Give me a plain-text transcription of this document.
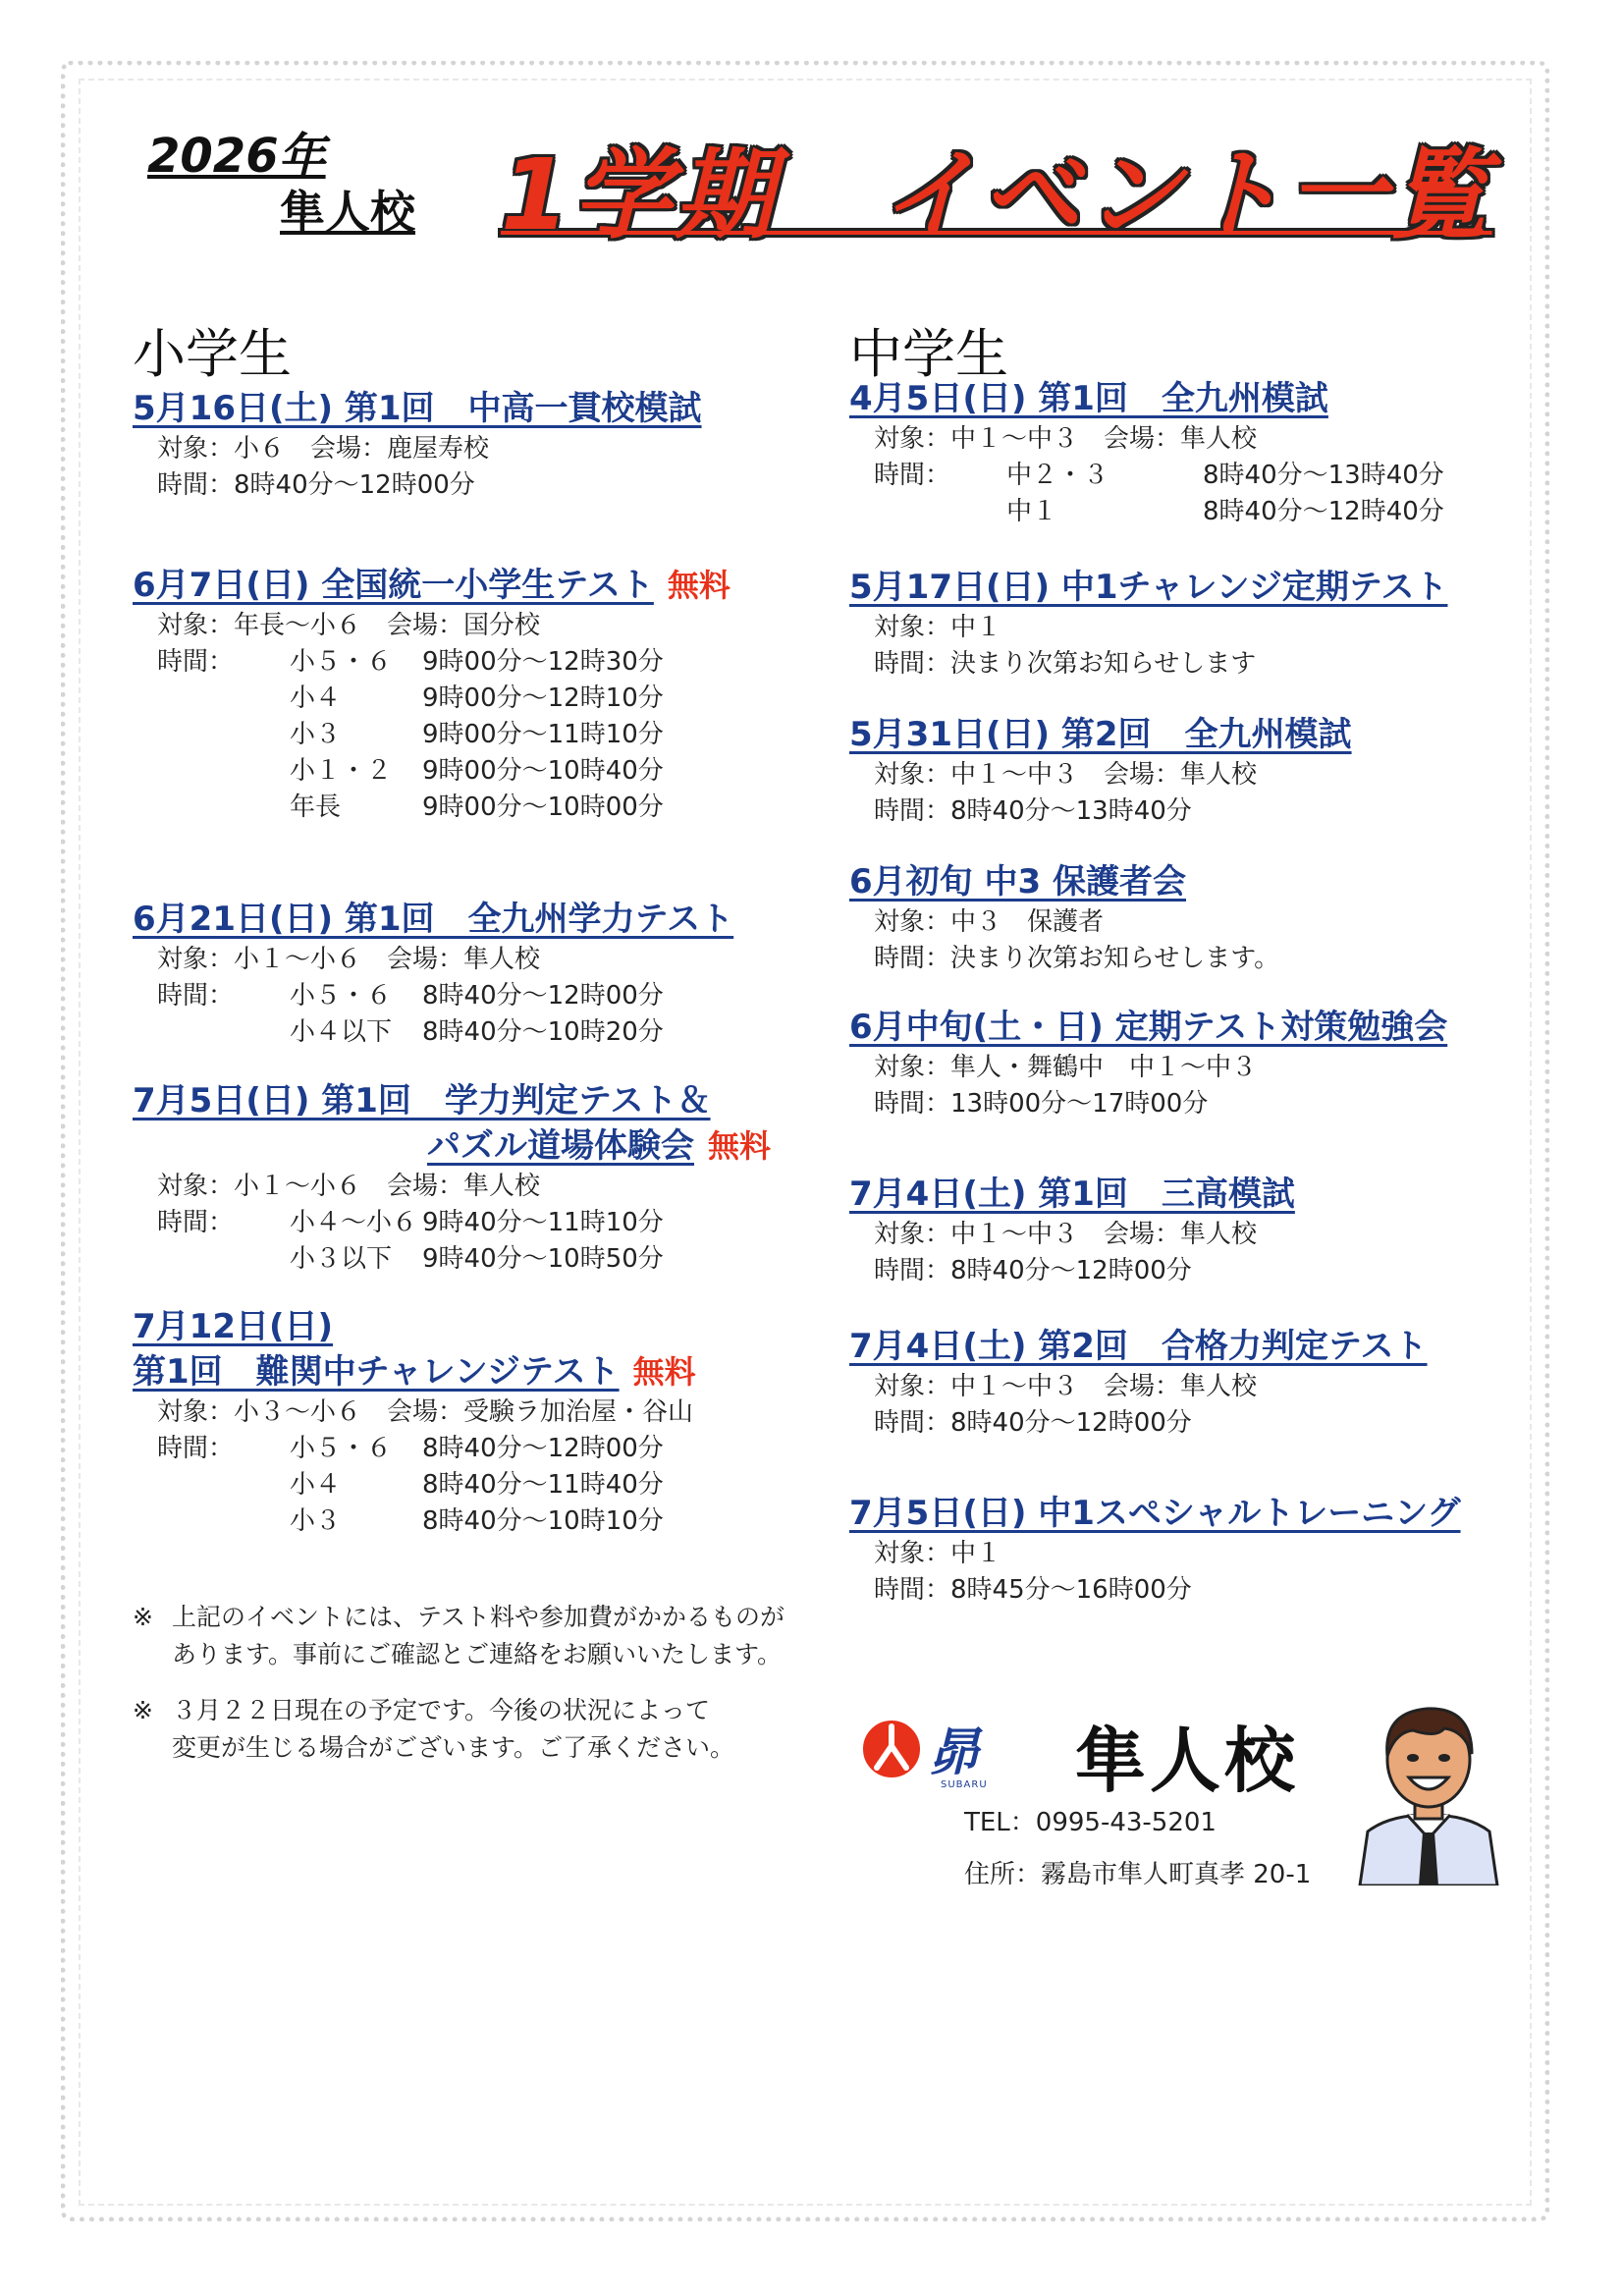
2026年
隼人校 1学期　イベント一覧
小学生
5月16日(土) 第1回　中高一貫校模試
対象：小６　会場：鹿屋寿校
時間：8時40分～12時00分
6月7日(日) 全国統一小学生テスト 無料
対象：年長～小６　会場：国分校
時間：	小５・６	9時00分～12時30分
小４	9時00分～12時10分
小３	9時00分～11時10分
小１・２	9時00分～10時40分
年長	9時00分～10時00分
6月21日(日) 第1回　全九州学力テスト
対象：小１～小６　会場：隼人校
時間：	小５・６	8時40分～12時00分
小４以下	8時40分～10時20分
7月5日(日) 第1回　学力判定テスト＆
パズル道場体験会 無料
対象：小１～小６　会場：隼人校
時間：	小４～小６ 9時40分～11時10分
小３以下	9時40分～10時50分
7月12日(日)
第1回　難関中チャレンジテスト 無料
対象：小３～小６　会場：受験ラ加治屋・谷山
時間：	小５・６	8時40分～12時00分
小４	8時40分～11時40分
小３	8時40分～10時10分
※ 上記のイベントには、テスト料や参加費がかかるものが
あります。事前にご確認とご連絡をお願いいたします。
※ ３月２２日現在の予定です。今後の状況によって
変更が生じる場合がございます。ご了承ください。
中学生
4月5日(日) 第1回　全九州模試
対象：中１～中３　会場：隼人校
時間：	中２・３	8時40分～13時40分
中１	8時40分～12時40分
5月17日(日) 中1チャレンジ定期テスト
対象：中１
時間：決まり次第お知らせします
5月31日(日) 第2回　全九州模試
対象：中１～中３　会場：隼人校
時間：8時40分～13時40分
6月初旬 中3 保護者会
対象：中３　保護者
時間：決まり次第お知らせします。
6月中旬(土・日) 定期テスト対策勉強会
対象：隼人・舞鶴中　中１～中３
時間：13時00分～17時00分
7月4日(土) 第1回　三高模試
対象：中１～中３　会場：隼人校
時間：8時40分～12時00分
7月4日(土) 第2回　合格力判定テスト
対象：中１～中３　会場：隼人校
時間：8時40分～12時00分
7月5日(日) 中1スペシャルトレーニング
対象：中１
時間：8時45分～16時00分
昴
SUBARU 隼人校
TEL：0995-43-5201
住所：霧島市隼人町真孝 20-1
